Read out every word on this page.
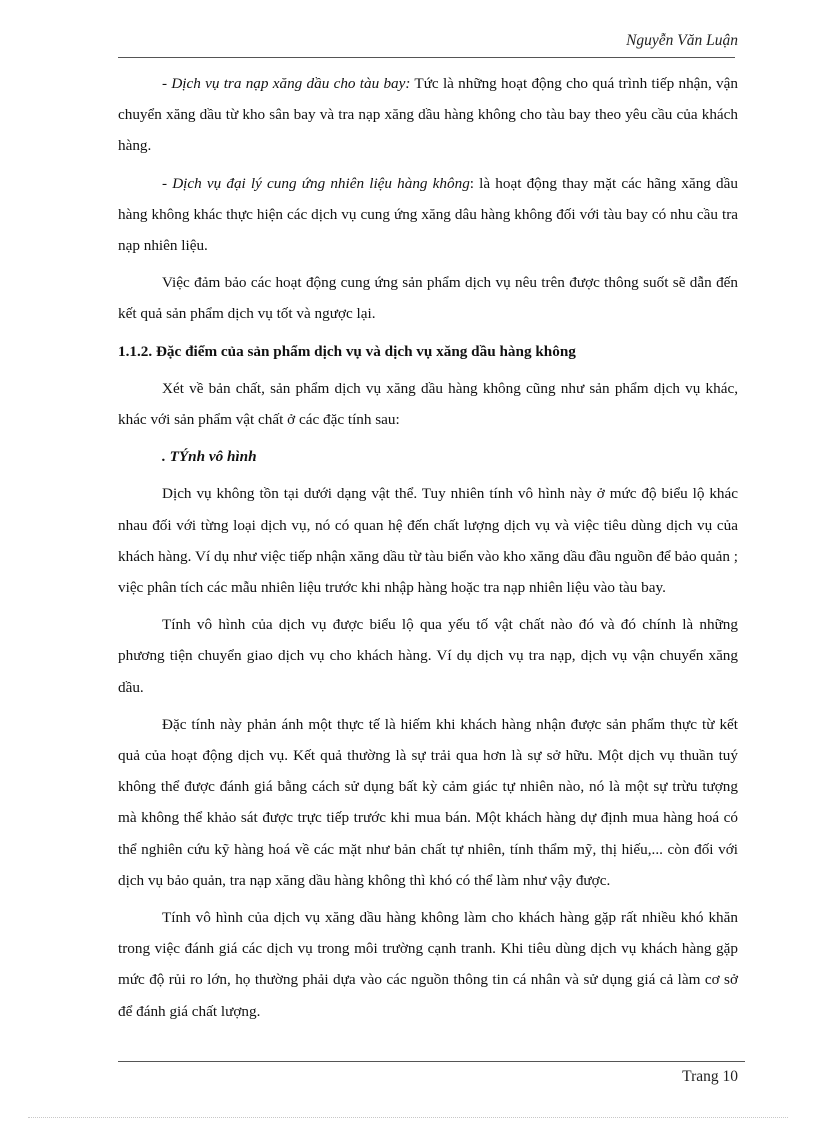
Nguyễn Văn Luận

- Dịch vụ tra nạp xăng dầu cho tàu bay: Tức là những hoạt động cho quá trình tiếp nhận, vận chuyển xăng dầu từ kho sân bay và tra nạp xăng dầu hàng không cho tàu bay theo yêu cầu của khách hàng.

- Dịch vụ đại lý cung ứng nhiên liệu hàng không: là hoạt động thay mặt các hãng xăng dầu hàng không khác thực hiện các dịch vụ cung ứng xăng dâu hàng không đối với tàu bay có nhu cầu tra nạp nhiên liệu.

Việc đảm bảo các hoạt động cung ứng sản phẩm dịch vụ nêu trên được thông suốt sẽ dẫn đến kết quả sản phẩm dịch vụ tốt và ngược lại.

1.1.2. Đặc điểm của sản phẩm dịch vụ và dịch vụ xăng dầu hàng không

Xét về bản chất, sản phẩm dịch vụ xăng dầu hàng không cũng như sản phẩm dịch vụ khác, khác với sản phẩm vật chất ở các đặc tính sau:

. TÝnh vô hình

Dịch vụ không tồn tại dưới dạng vật thể. Tuy nhiên tính vô hình này ở mức độ biểu lộ khác nhau đối với từng loại dịch vụ, nó có quan hệ đến chất lượng dịch vụ và việc tiêu dùng dịch vụ của khách hàng. Ví dụ như việc tiếp nhận xăng dầu từ tàu biển vào kho xăng dầu đầu nguồn để bảo quản ; việc phân tích các mẫu nhiên liệu trước khi nhập hàng hoặc tra nạp nhiên liệu vào tàu bay.

Tính vô hình của dịch vụ được biểu lộ qua yếu tố vật chất nào đó và đó chính là những phương tiện chuyển giao dịch vụ cho khách hàng. Ví dụ dịch vụ tra nạp, dịch vụ vận chuyển xăng dầu.

Đặc tính này phản ánh một thực tế là hiếm khi khách hàng nhận được sản phẩm thực từ kết quả của hoạt động dịch vụ. Kết quả thường là sự trải qua hơn là sự sở hữu. Một dịch vụ thuần tuý không thể được đánh giá bằng cách sử dụng bất kỳ cảm giác tự nhiên nào, nó là một sự trừu tượng mà không thể khảo sát được trực tiếp trước khi mua bán. Một khách hàng dự định mua hàng hoá có thể nghiên cứu kỹ hàng hoá về các mặt như bản chất tự nhiên, tính thẩm mỹ, thị hiếu,... còn đối với dịch vụ bảo quản, tra nạp xăng dầu hàng không thì khó có thể làm như vậy được.

Tính vô hình của dịch vụ xăng dầu hàng không làm cho khách hàng gặp rất nhiều khó khăn trong việc đánh giá các dịch vụ trong môi trường cạnh tranh. Khi tiêu dùng dịch vụ khách hàng gặp mức độ rủi ro lớn, họ thường phải dựa vào các nguồn thông tin cá nhân và sử dụng giá cả làm cơ sở để đánh giá chất lượng.

Trang 10
